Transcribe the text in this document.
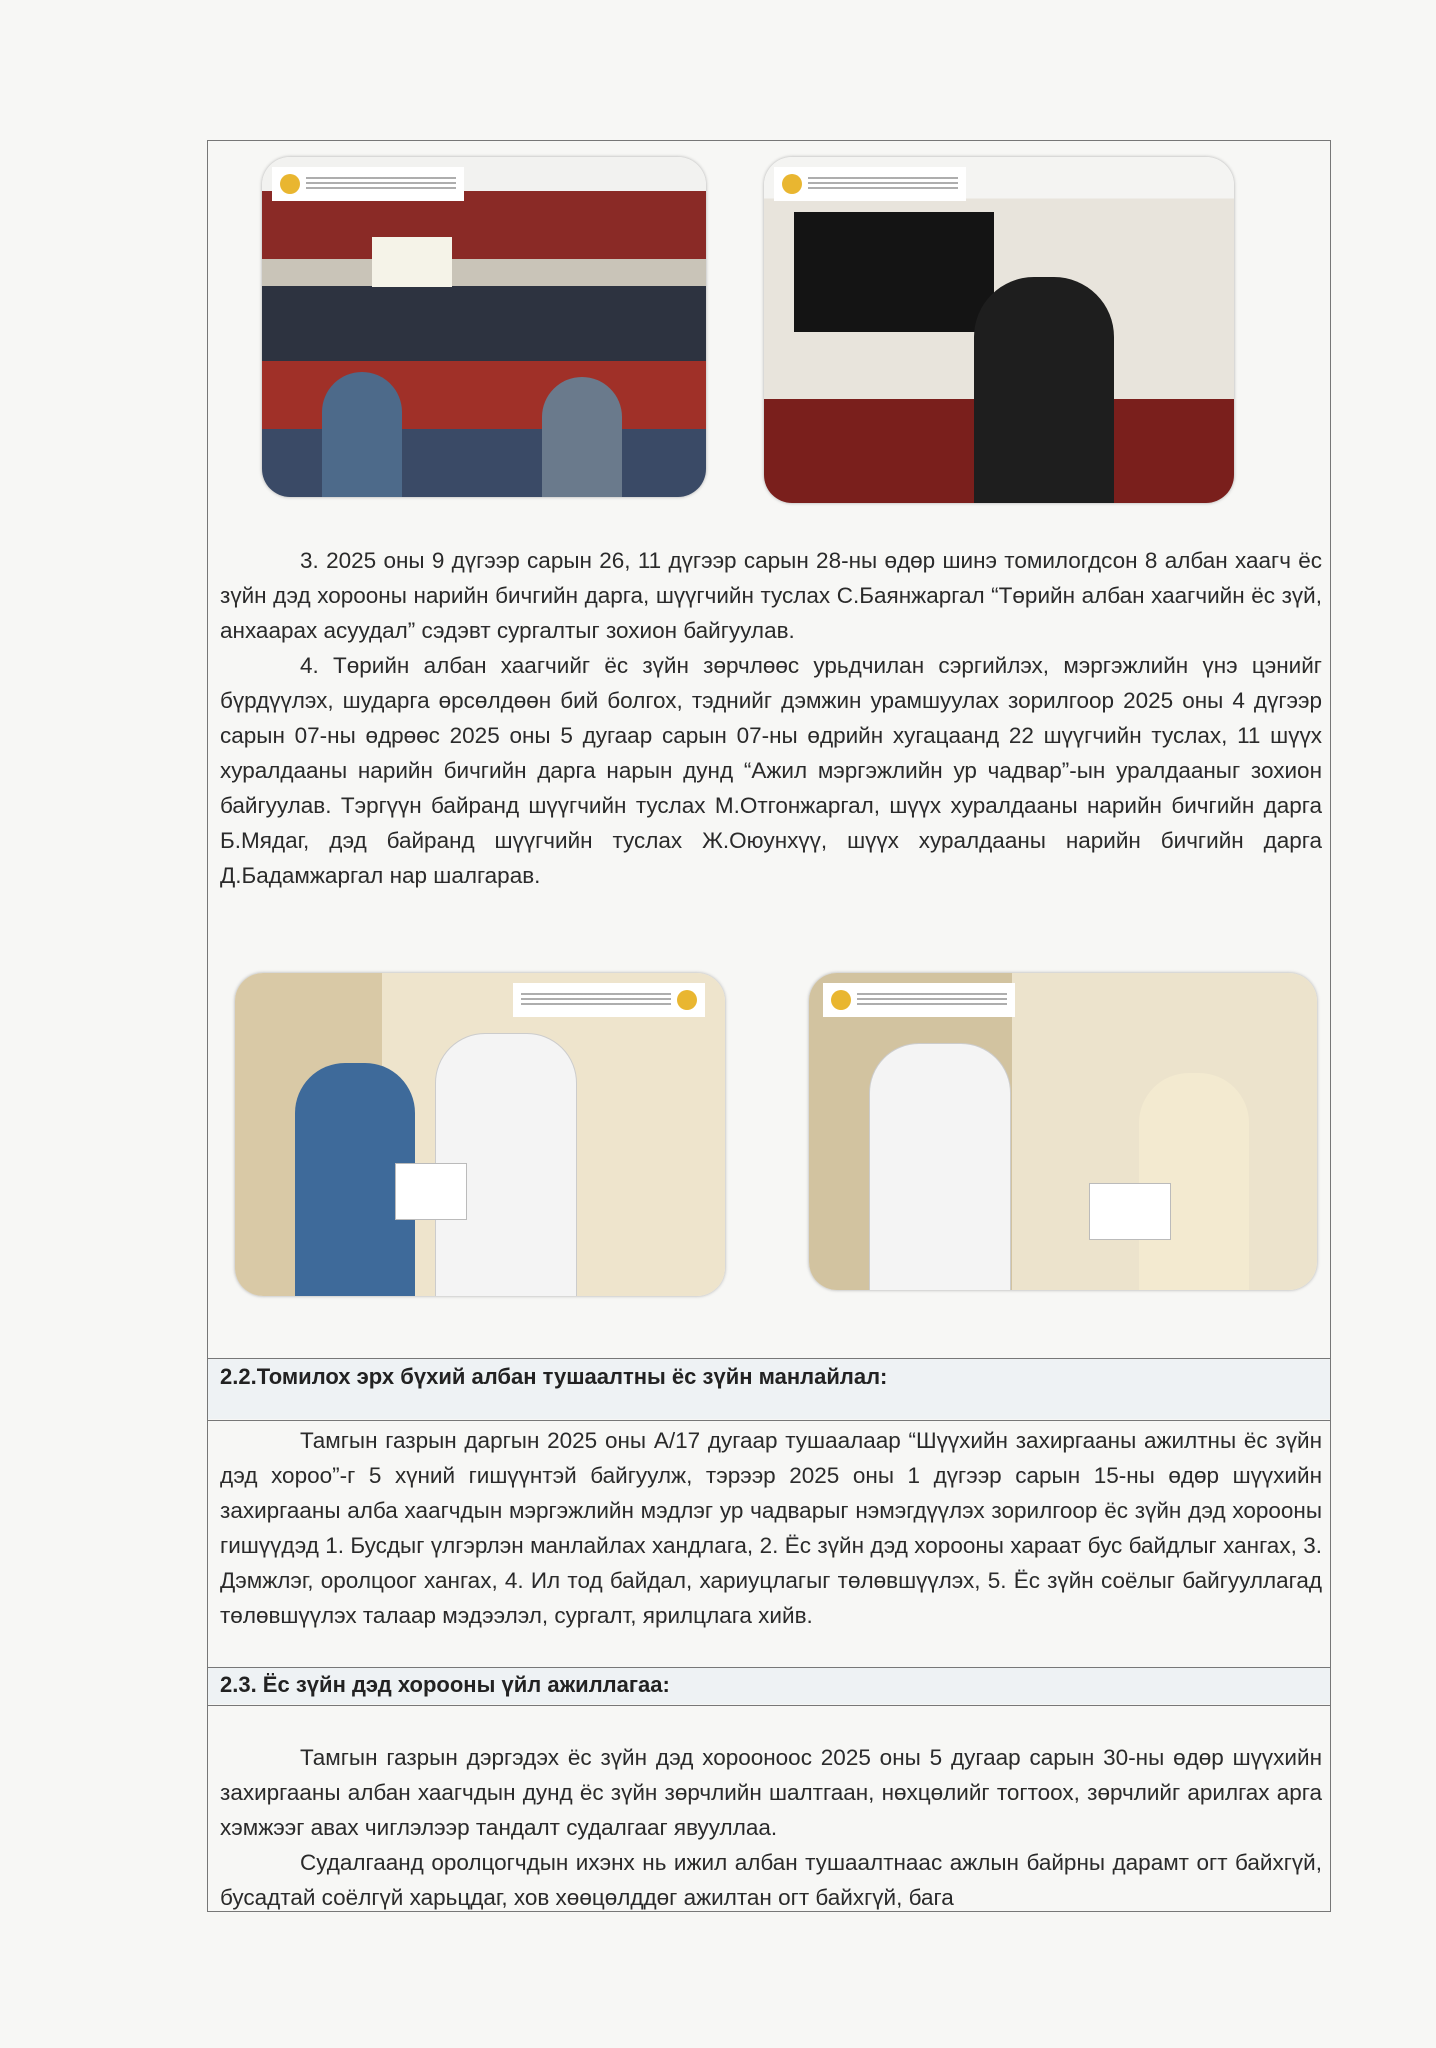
3. 2025 оны 9 дүгээр сарын 26, 11 дүгээр сарын 28-ны өдөр шинэ томилогдсон 8 албан хаагч ёс зүйн дэд хорооны нарийн бичгийн дарга, шүүгчийн туслах С.Баянжаргал “Төрийн албан хаагчийн ёс зүй, анхаарах асуудал” сэдэвт сургалтыг зохион байгуулав.

4. Төрийн албан хаагчийг ёс зүйн зөрчлөөс урьдчилан сэргийлэх, мэргэжлийн үнэ цэнийг бүрдүүлэх, шударга өрсөлдөөн бий болгох, тэднийг дэмжин урамшуулах зорилгоор 2025 оны 4 дүгээр сарын 07-ны өдрөөс 2025 оны 5 дугаар сарын 07-ны өдрийн хугацаанд 22 шүүгчийн туслах, 11 шүүх хуралдааны нарийн бичгийн дарга нарын дунд “Ажил мэргэжлийн ур чадвар”-ын уралдааныг зохион байгуулав. Тэргүүн байранд шүүгчийн туслах М.Отгонжаргал, шүүх хуралдааны нарийн бичгийн дарга Б.Мядаг, дэд байранд шүүгчийн туслах Ж.Оюунхүү, шүүх хуралдааны нарийн бичгийн дарга Д.Бадамжаргал нар шалгарав.

2.2.Томилох эрх бүхий албан тушаалтны ёс зүйн манлайлал:

Тамгын газрын даргын 2025 оны А/17 дугаар тушаалаар “Шүүхийн захиргааны ажилтны ёс зүйн дэд хороо”-г 5 хүний гишүүнтэй байгуулж, тэрээр 2025 оны 1 дүгээр сарын 15-ны өдөр шүүхийн захиргааны алба хаагчдын мэргэжлийн мэдлэг ур чадварыг нэмэгдүүлэх зорилгоор ёс зүйн дэд хорооны гишүүдэд 1. Бусдыг үлгэрлэн манлайлах хандлага, 2. Ёс зүйн дэд хорооны хараат бус байдлыг хангах, 3. Дэмжлэг, оролцоог хангах, 4. Ил тод байдал, хариуцлагыг төлөвшүүлэх, 5. Ёс зүйн соёлыг байгууллагад төлөвшүүлэх талаар мэдээлэл, сургалт, ярилцлага хийв.

2.3. Ёс зүйн дэд хорооны үйл ажиллагаа:

Тамгын газрын дэргэдэх ёс зүйн дэд хорооноос 2025 оны 5 дугаар сарын 30-ны өдөр шүүхийн захиргааны албан хаагчдын дунд ёс зүйн зөрчлийн шалтгаан, нөхцөлийг тогтоох, зөрчлийг арилгах арга хэмжээг авах чиглэлээр тандалт судалгааг явууллаа.

Судалгаанд оролцогчдын ихэнх нь ижил албан тушаалтнаас ажлын байрны дарамт огт байхгүй, бусадтай соёлгүй харьцдаг, хов хөөцөлддөг ажилтан огт байхгүй, бага
